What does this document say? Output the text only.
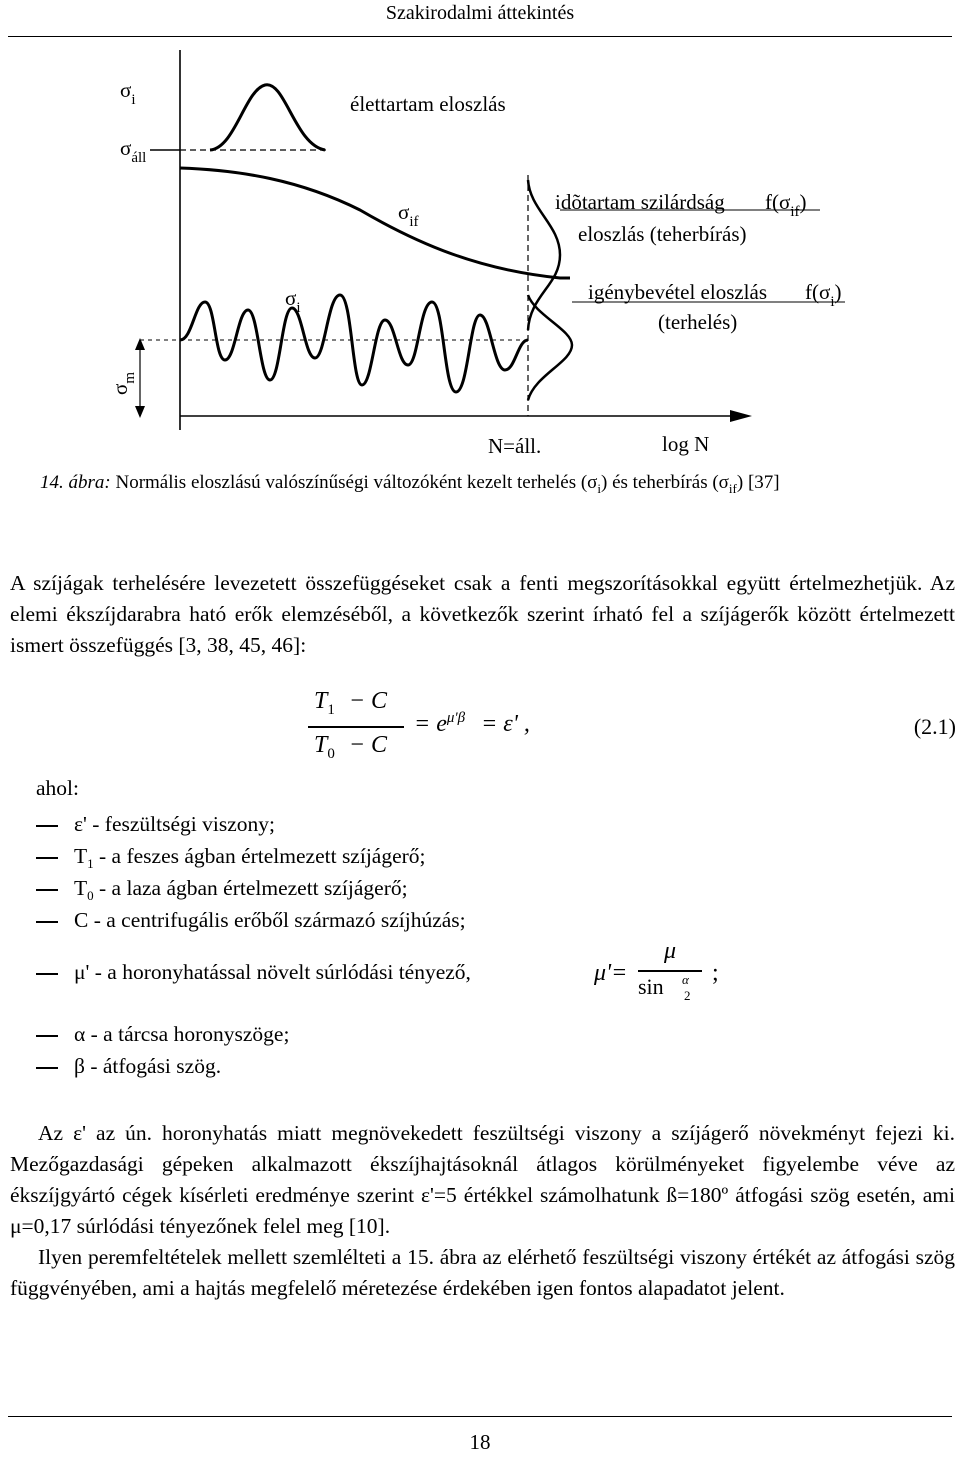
Szakirodalmi áttekintés
$\sigma_i$
$\sigma_{áll}$
élettartam eloszlás
$\sigma_{if}$
idõtartam szilárdság $f(\sigma_{if})$
eloszlás (teherbírás)
$\sigma_i$
igénybevétel eloszlás $f(\sigma_i)$
(terhelés)
$\sigma_m$
N=áll.	log N
14. ábra: Normális eloszlású valószínűségi változóként kezelt terhelés $(\sigma_i)$ és teherbírás $(\sigma_{if})$ [37]

A szíjágak terhelésére levezetett összefüggéseket csak a fenti megszorításokkal együtt értelmezhetjük. Az elemi ékszíjdarabra ható erők elemzéséből, a következők szerint írható fel a szíjágerők között értelmezett ismert összefüggés [3, 38, 45, 46]:

$T_1 - C$
$T_0 - C$
= $e^{\mu'\beta} = \varepsilon'$ ,	(2.1)
ahol:
ε' - feszültségi viszony;
$T_1$ - a feszes ágban értelmezett szíjágerő;
$T_0$ - a laza ágban értelmezett szíjágerő;
C - a centrifugális erőből származó szíjhúzás;
μ' - a horonyhatással növelt súrlódási tényező,	μ'=
μ
sin α
2
;
α - a tárcsa horonyszöge;
β - átfogási szög.

Az ε' az ún. horonyhatás miatt megnövekedett feszültségi viszony a szíjágerő növekményt fejezi ki. Mezőgazdasági gépeken alkalmazott ékszíjhajtásoknál átlagos körülményeket figyelembe véve az ékszíjgyártó cégek kísérleti eredménye szerint ε'=5 értékkel számolhatunk ß=180º átfogási szög esetén, ami μ=0,17 súrlódási tényezőnek felel meg [10].

Ilyen peremfeltételek mellett szemlélteti a 15. ábra az elérhető feszültségi viszony értékét az átfogási szög függvényében, ami a hajtás megfelelő méretezése érdekében igen fontos alapadatot jelent.

18
